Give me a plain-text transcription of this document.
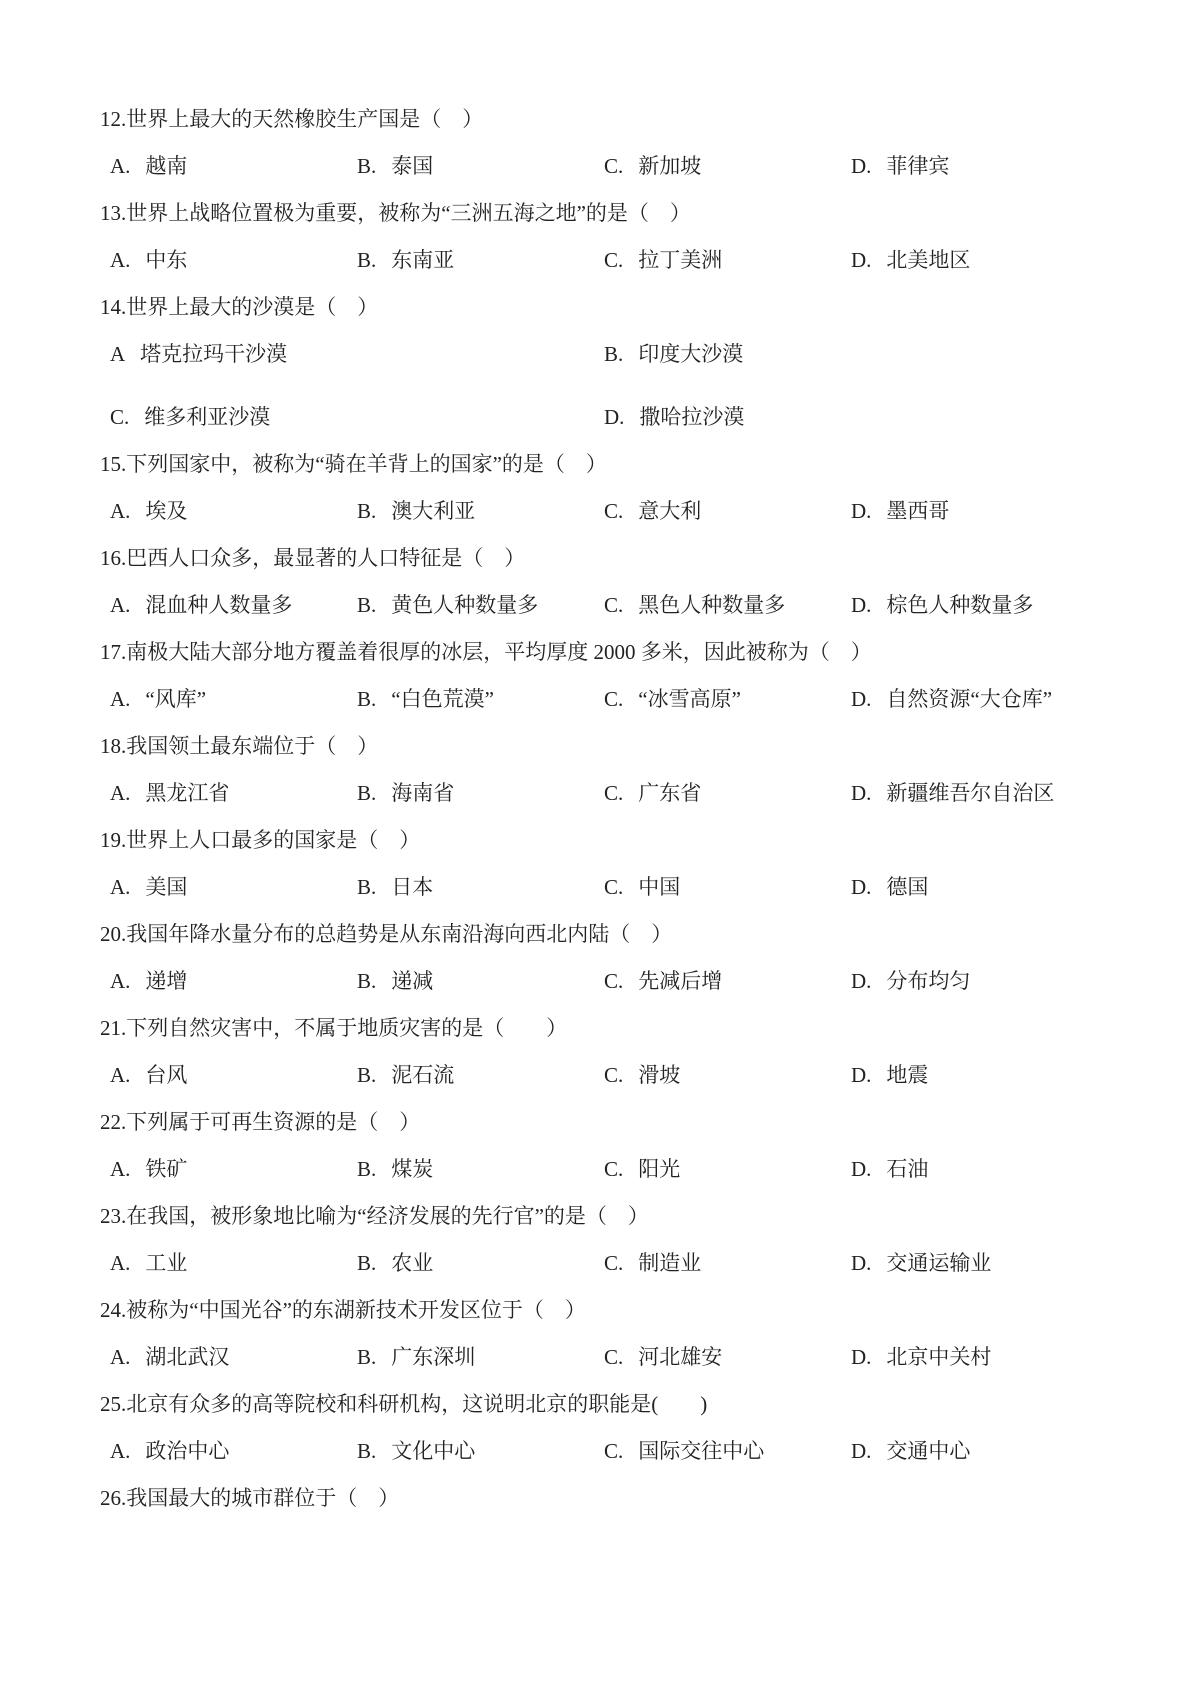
12.世界上最大的天然橡胶生产国是（　）
A. 越南	B. 泰国	C. 新加坡	D. 菲律宾
13.世界上战略位置极为重要，被称为“三洲五海之地”的是（　）
A. 中东	B. 东南亚	C. 拉丁美洲	D. 北美地区
14.世界上最大的沙漠是（　）
A 塔克拉玛干沙漠	B. 印度大沙漠
C. 维多利亚沙漠	D. 撒哈拉沙漠
15.下列国家中，被称为“骑在羊背上的国家”的是（　）
A. 埃及	B. 澳大利亚	C. 意大利	D. 墨西哥
16.巴西人口众多，最显著的人口特征是（　）
A. 混血种人数量多	B. 黄色人种数量多	C. 黑色人种数量多	D. 棕色人种数量多
17.南极大陆大部分地方覆盖着很厚的冰层，平均厚度 2000 多米，因此被称为（　）
A. “风库”	B. “白色荒漠”	C. “冰雪高原”	D. 自然资源“大仓库”
18.我国领土最东端位于（　）
A. 黑龙江省	B. 海南省	C. 广东省	D. 新疆维吾尔自治区
19.世界上人口最多的国家是（　）
A. 美国	B. 日本	C. 中国	D. 德国
20.我国年降水量分布的总趋势是从东南沿海向西北内陆（　）
A. 递增	B. 递减	C. 先减后增	D. 分布均匀
21.下列自然灾害中，不属于地质灾害的是（　　）
A. 台风	B. 泥石流	C. 滑坡	D. 地震
22.下列属于可再生资源的是（　）
A. 铁矿	B. 煤炭	C. 阳光	D. 石油
23.在我国，被形象地比喻为“经济发展的先行官”的是（　）
A. 工业	B. 农业	C. 制造业	D. 交通运输业
24.被称为“中国光谷”的东湖新技术开发区位于（　）
A. 湖北武汉	B. 广东深圳	C. 河北雄安	D. 北京中关村
25.北京有众多的高等院校和科研机构，这说明北京的职能是(　　)
A. 政治中心	B. 文化中心	C. 国际交往中心	D. 交通中心
26.我国最大的城市群位于（　）
